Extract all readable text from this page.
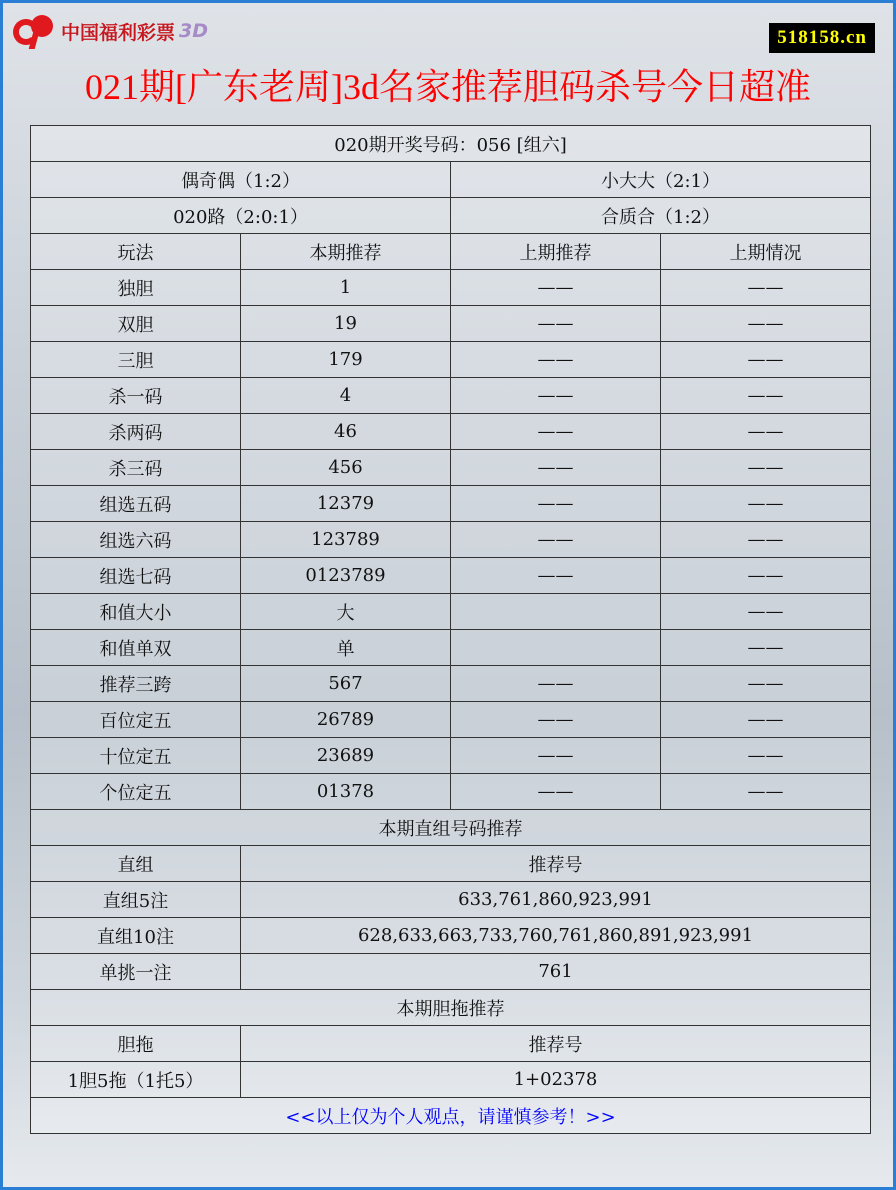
中国福利彩票 3D	518158.cn
021期[广东老周]3d名家推荐胆码杀号今日超准
020期开奖号码：056 [组六]			
偶奇偶（1:2）		小大大（2:1）	
020路（2:0:1）		合质合（1:2）	
玩法	本期推荐	上期推荐	上期情况
独胆	1	——	——
双胆	19	——	——
三胆	179	——	——
杀一码	4	——	——
杀两码	46	——	——
杀三码	456	——	——
组选五码	12379	——	——
组选六码	123789	——	——
组选七码	0123789	——	——
和值大小	大		——
和值单双	单		——
推荐三跨	567	——	——
百位定五	26789	——	——
十位定五	23689	——	——
个位定五	01378	——	——
本期直组号码推荐			
直组	推荐号		
直组5注	633,761,860,923,991		
直组10注	628,633,663,733,760,761,860,891,923,991		
单挑一注	761		
本期胆拖推荐			
胆拖	推荐号		
1胆5拖（1托5）	1+02378		
<<以上仅为个人观点，请谨慎参考！>>			
